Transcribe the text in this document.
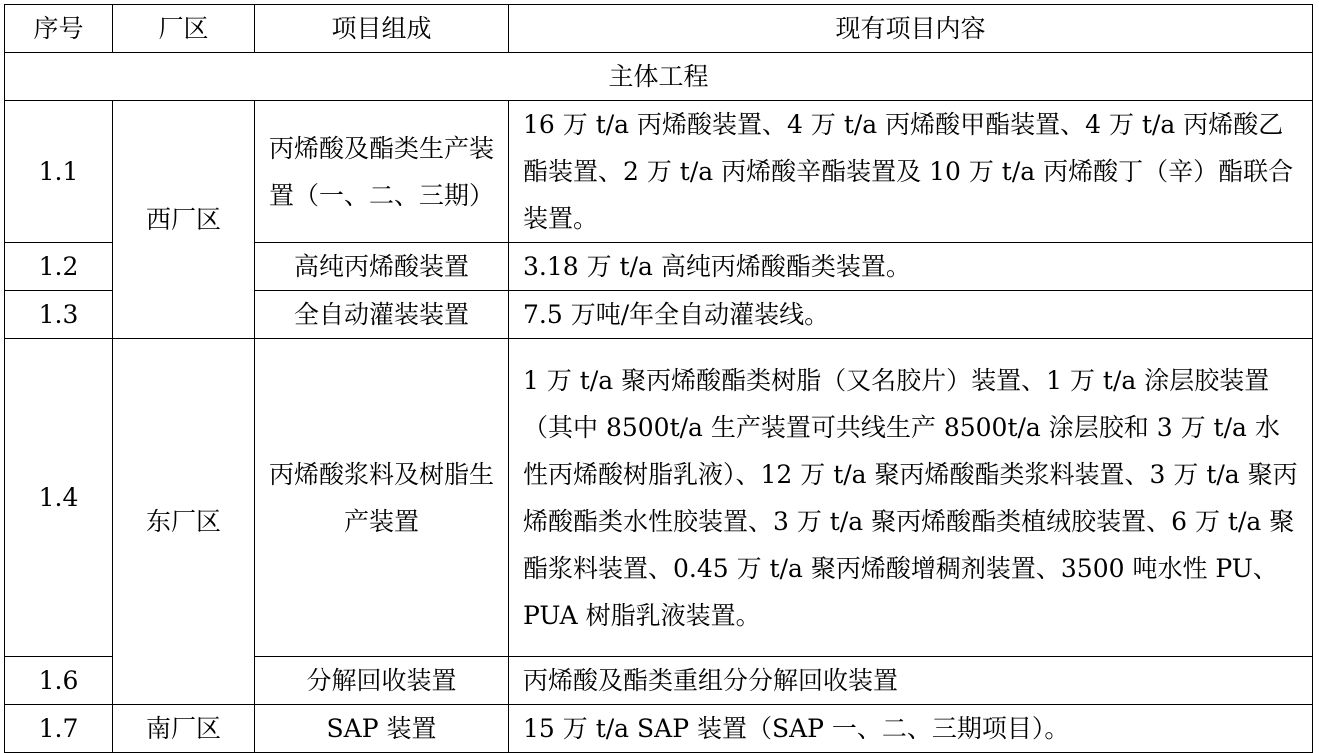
序号	厂区	项目组成	现有项目内容
主体工程			
1.1	西厂区	丙烯酸及酯类生产装置（一、二、三期）	16 万 t/a 丙烯酸装置、4 万 t/a 丙烯酸甲酯装置、4 万 t/a 丙烯酸乙酯装置、2 万 t/a 丙烯酸辛酯装置及 10 万 t/a 丙烯酸丁（辛）酯联合装置。
1.2		高纯丙烯酸装置	3.18 万 t/a 高纯丙烯酸酯类装置。
1.3		全自动灌装装置	7.5 万吨/年全自动灌装线。
1.4	东厂区	丙烯酸浆料及树脂生产装置	1 万 t/a 聚丙烯酸酯类树脂（又名胶片）装置、1 万 t/a 涂层胶装置（其中 8500t/a 生产装置可共线生产 8500t/a 涂层胶和 3 万 t/a 水性丙烯酸树脂乳液）、12 万 t/a 聚丙烯酸酯类浆料装置、3 万 t/a 聚丙烯酸酯类水性胶装置、3 万 t/a 聚丙烯酸酯类植绒胶装置、6 万 t/a 聚酯浆料装置、0.45 万 t/a 聚丙烯酸增稠剂装置、3500 吨水性 PU、PUA 树脂乳液装置。
1.6		分解回收装置	丙烯酸及酯类重组分分解回收装置
1.7	南厂区	SAP 装置	15 万 t/a SAP 装置（SAP 一、二、三期项目）。
